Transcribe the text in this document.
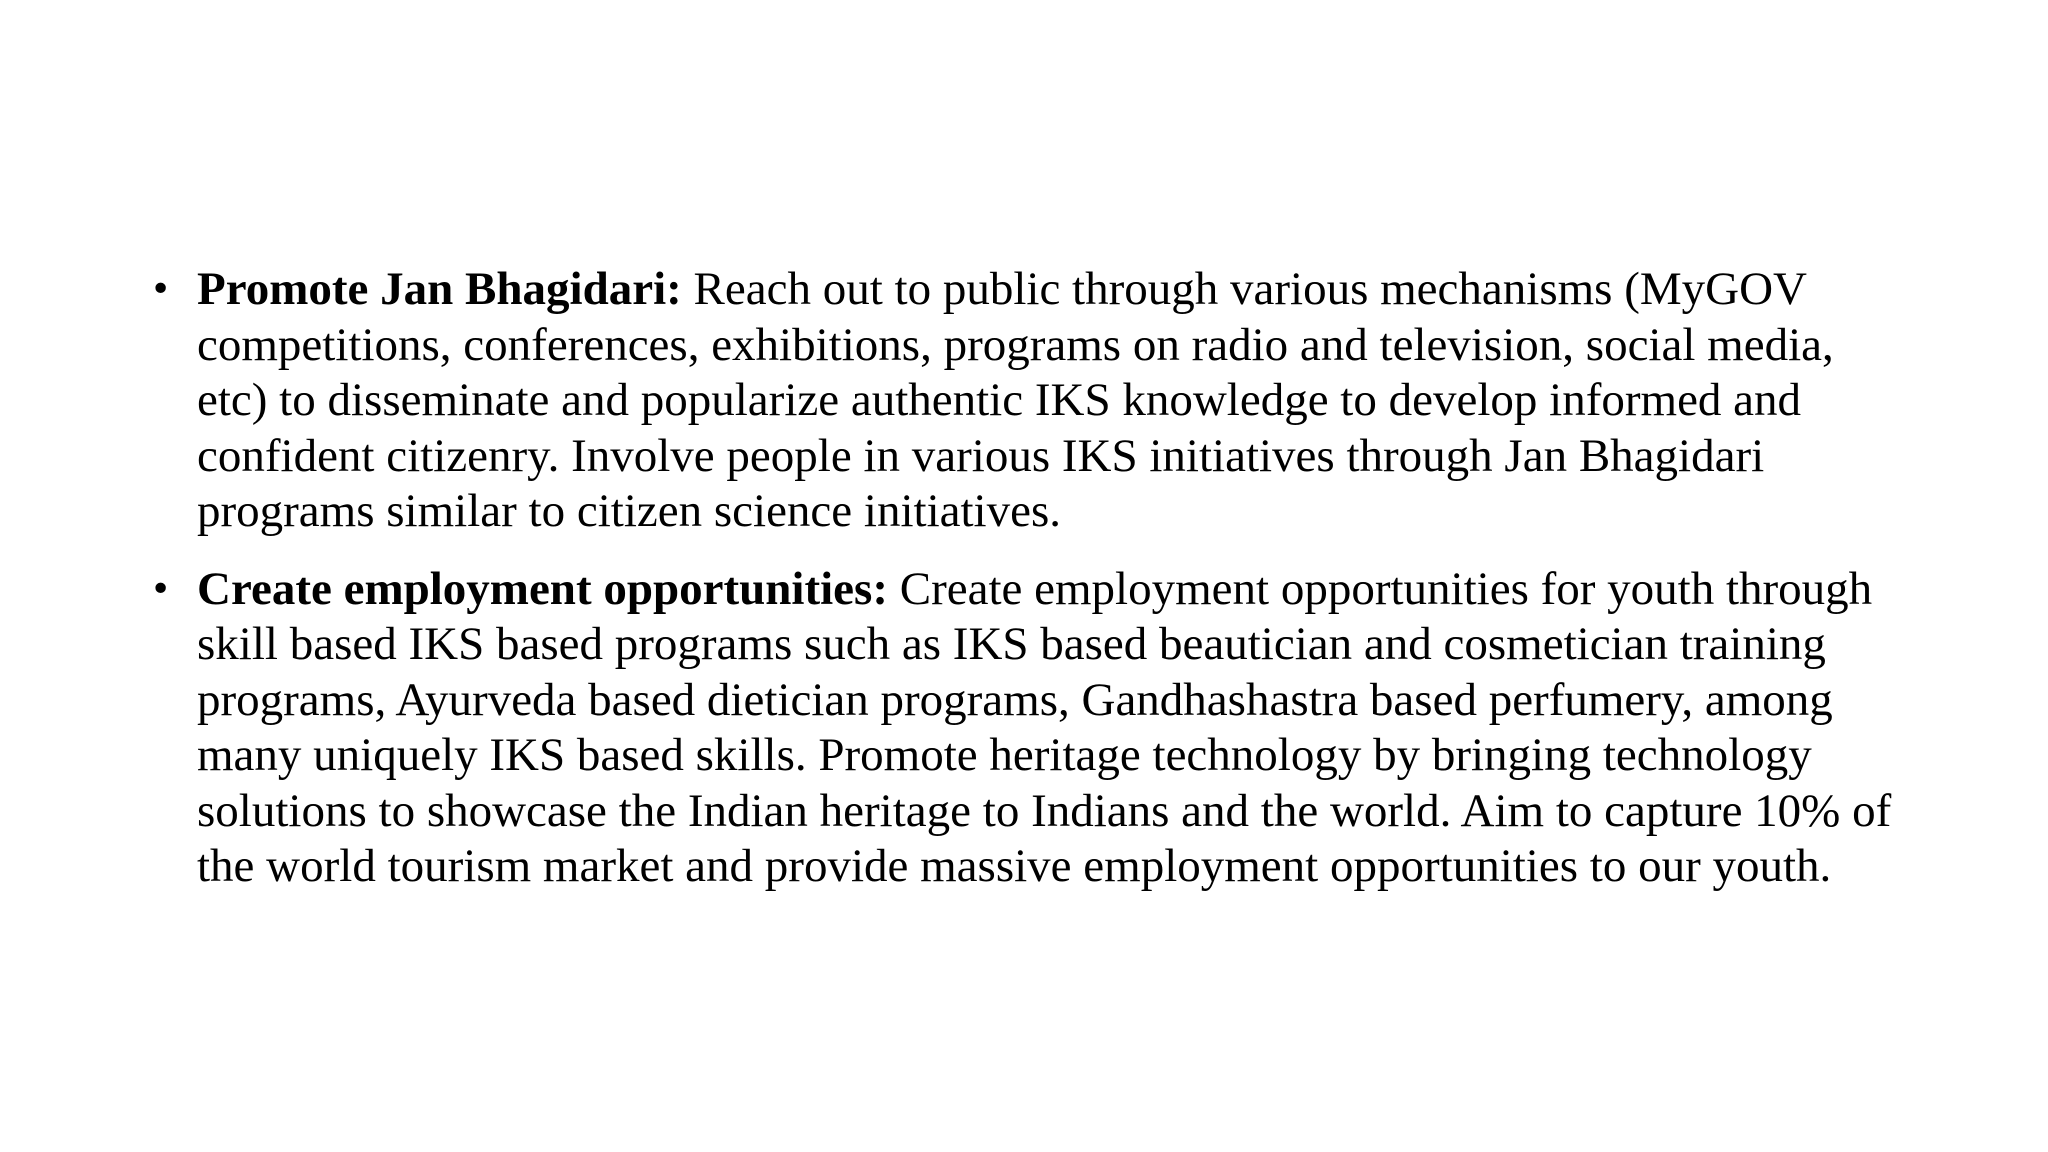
• Promote Jan Bhagidari: Reach out to public through various mechanisms (MyGOV competitions, conferences, exhibitions, programs on radio and television, social media, etc) to disseminate and popularize authentic IKS knowledge to develop informed and confident citizenry. Involve people in various IKS initiatives through Jan Bhagidari programs similar to citizen science initiatives.
• Create employment opportunities: Create employment opportunities for youth through skill based IKS based programs such as IKS based beautician and cosmetician training programs, Ayurveda based dietician programs, Gandhashastra based perfumery, among many uniquely IKS based skills. Promote heritage technology by bringing technology solutions to showcase the Indian heritage to Indians and the world. Aim to capture 10% of the world tourism market and provide massive employment opportunities to our youth.
